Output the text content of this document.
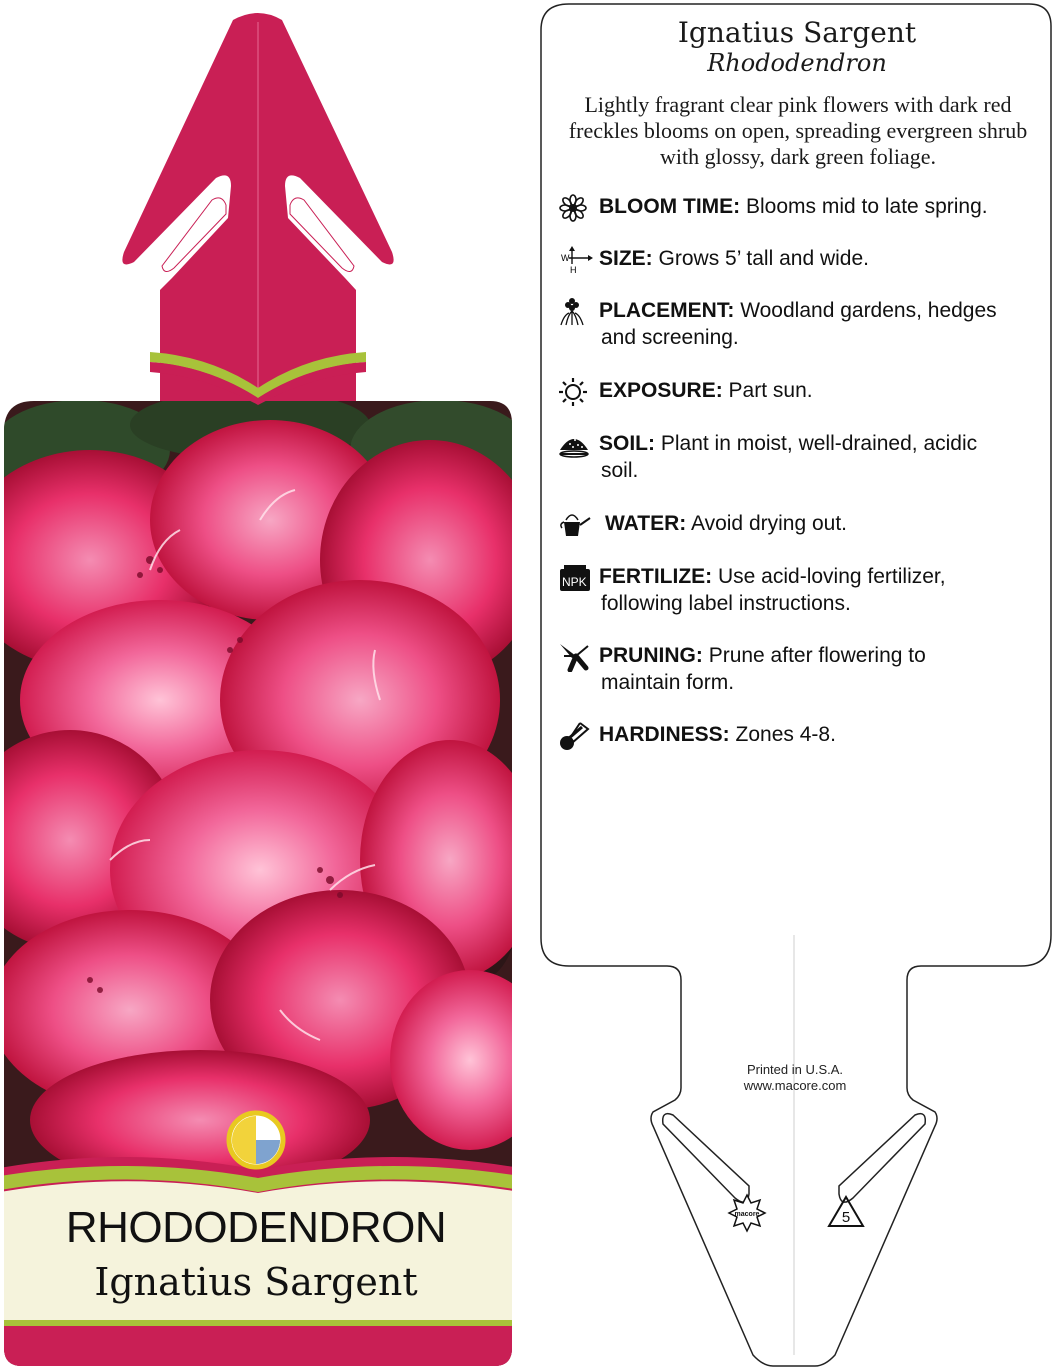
RHODODENDRON
Ignatius Sargent
Ignatius Sargent
Rhododendron
Lightly fragrant clear pink flowers with dark red freckles blooms on open, spreading evergreen shrub with glossy, dark green foliage.
BLOOM TIME: Blooms mid to late spring.
W
H SIZE: Grows 5’ tall and wide.
PLACEMENT: Woodland gardens, hedges
and screening.
EXPOSURE: Part sun.
SOIL: Plant in moist, well-drained, acidic
soil.
WATER: Avoid drying out.
NPK FERTILIZE: Use acid-loving fertilizer,
following label instructions.
PRUNING: Prune after flowering to
maintain form.
HARDINESS: Zones 4-8.
Printed in U.S.A.
www.macore.com
macore	5
